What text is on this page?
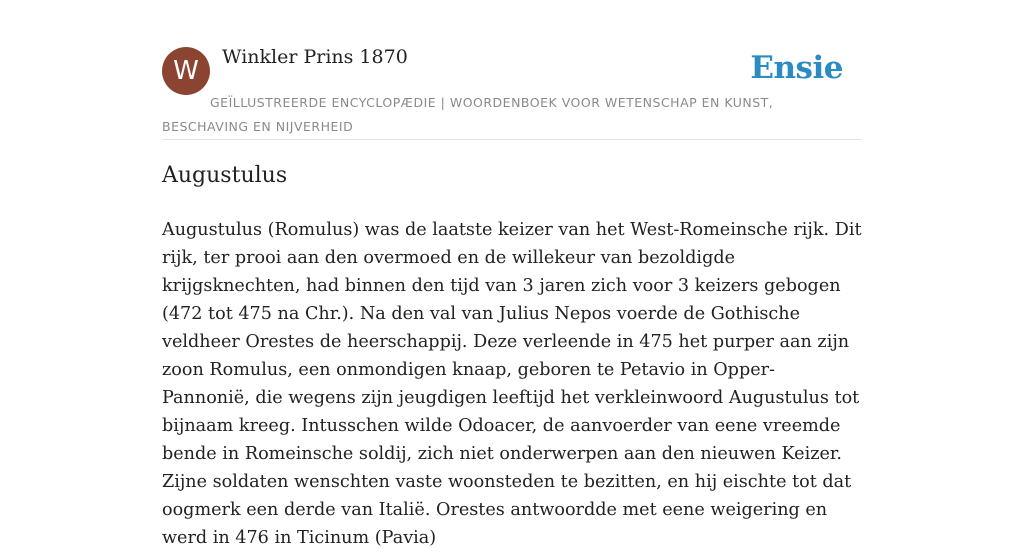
W	Winkler Prins 1870	Ensie
GEÏLLUSTREERDE ENCYCLOPÆDIE | WOORDENBOEK VOOR WETENSCHAP EN KUNST, BESCHAVING EN NIJVERHEID
Augustulus

Augustulus (Romulus) was de laatste keizer van het West-Romeinsche rijk. Dit rijk, ter prooi aan den overmoed en de willekeur van bezoldigde krijgsknechten, had binnen den tijd van 3 jaren zich voor 3 keizers gebogen (472 tot 475 na Chr.). Na den val van Julius Nepos voerde de Gothische veldheer Orestes de heerschappij. Deze verleende in 475 het purper aan zijn zoon Romulus, een onmondigen knaap, geboren te Petavio in Opper-Pannonië, die wegens zijn jeugdigen leeftijd het verkleinwoord Augustulus tot bijnaam kreeg. Intusschen wilde Odoacer, de aanvoerder van eene vreemde bende in Romeinsche soldij, zich niet onderwerpen aan den nieuwen Keizer. Zijne soldaten wenschten vaste woonsteden te bezitten, en hij eischte tot dat oogmerk een derde van Italië. Orestes antwoordde met eene weigering en werd in 476 in Ticinum (Pavia)
